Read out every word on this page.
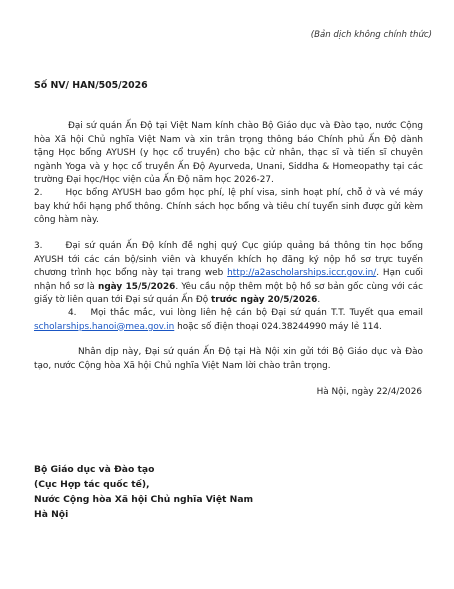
(Bản dịch không chính thức)
Số NV/ HAN/505/2026

Đại sứ quán Ấn Độ tại Việt Nam kính chào Bộ Giáo dục và Đào tạo, nước Cộng hòa Xã hội Chủ nghĩa Việt Nam và xin trân trọng thông báo Chính phủ Ấn Độ dành tặng Học bổng AYUSH (y học cổ truyền) cho bậc cử nhân, thạc sĩ và tiến sĩ chuyên ngành Yoga và y học cổ truyền Ấn Độ Ayurveda, Unani, Siddha & Homeopathy tại các trường Đại học/Học viện của Ấn Độ năm học 2026-27.

2.	Học bổng AYUSH bao gồm học phí, lệ phí visa, sinh hoạt phí, chỗ ở và vé máy bay khứ hồi hạng phổ thông. Chính sách học bổng và tiêu chí tuyển sinh được gửi kèm công hàm này.

3.	Đại sứ quán Ấn Độ kính đề nghị quý Cục giúp quảng bá thông tin học bổng AYUSH tới các cán bộ/sinh viên và khuyến khích họ đăng ký nộp hồ sơ trực tuyến chương trình học bổng này tại trang web http://a2ascholarships.iccr.gov.in/. Hạn cuối nhận hồ sơ là ngày 15/5/2026. Yêu cầu nộp thêm một bộ hồ sơ bản gốc cùng với các giấy tờ liên quan tới Đại sứ quán Ấn Độ trước ngày 20/5/2026.

4. Mọi thắc mắc, vui lòng liên hệ cán bộ Đại sứ quán T.T. Tuyết qua email scholarships.hanoi@mea.gov.in hoặc số điện thoại 024.38244990 máy lẻ 114.

Nhân dịp này, Đại sứ quán Ấn Độ tại Hà Nội xin gửi tới Bộ Giáo dục và Đào tạo, nước Cộng hòa Xã hội Chủ nghĩa Việt Nam lời chào trân trọng.

Hà Nội, ngày 22/4/2026
Bộ Giáo dục và Đào tạo
(Cục Hợp tác quốc tế),
Nước Cộng hòa Xã hội Chủ nghĩa Việt Nam
Hà Nội
